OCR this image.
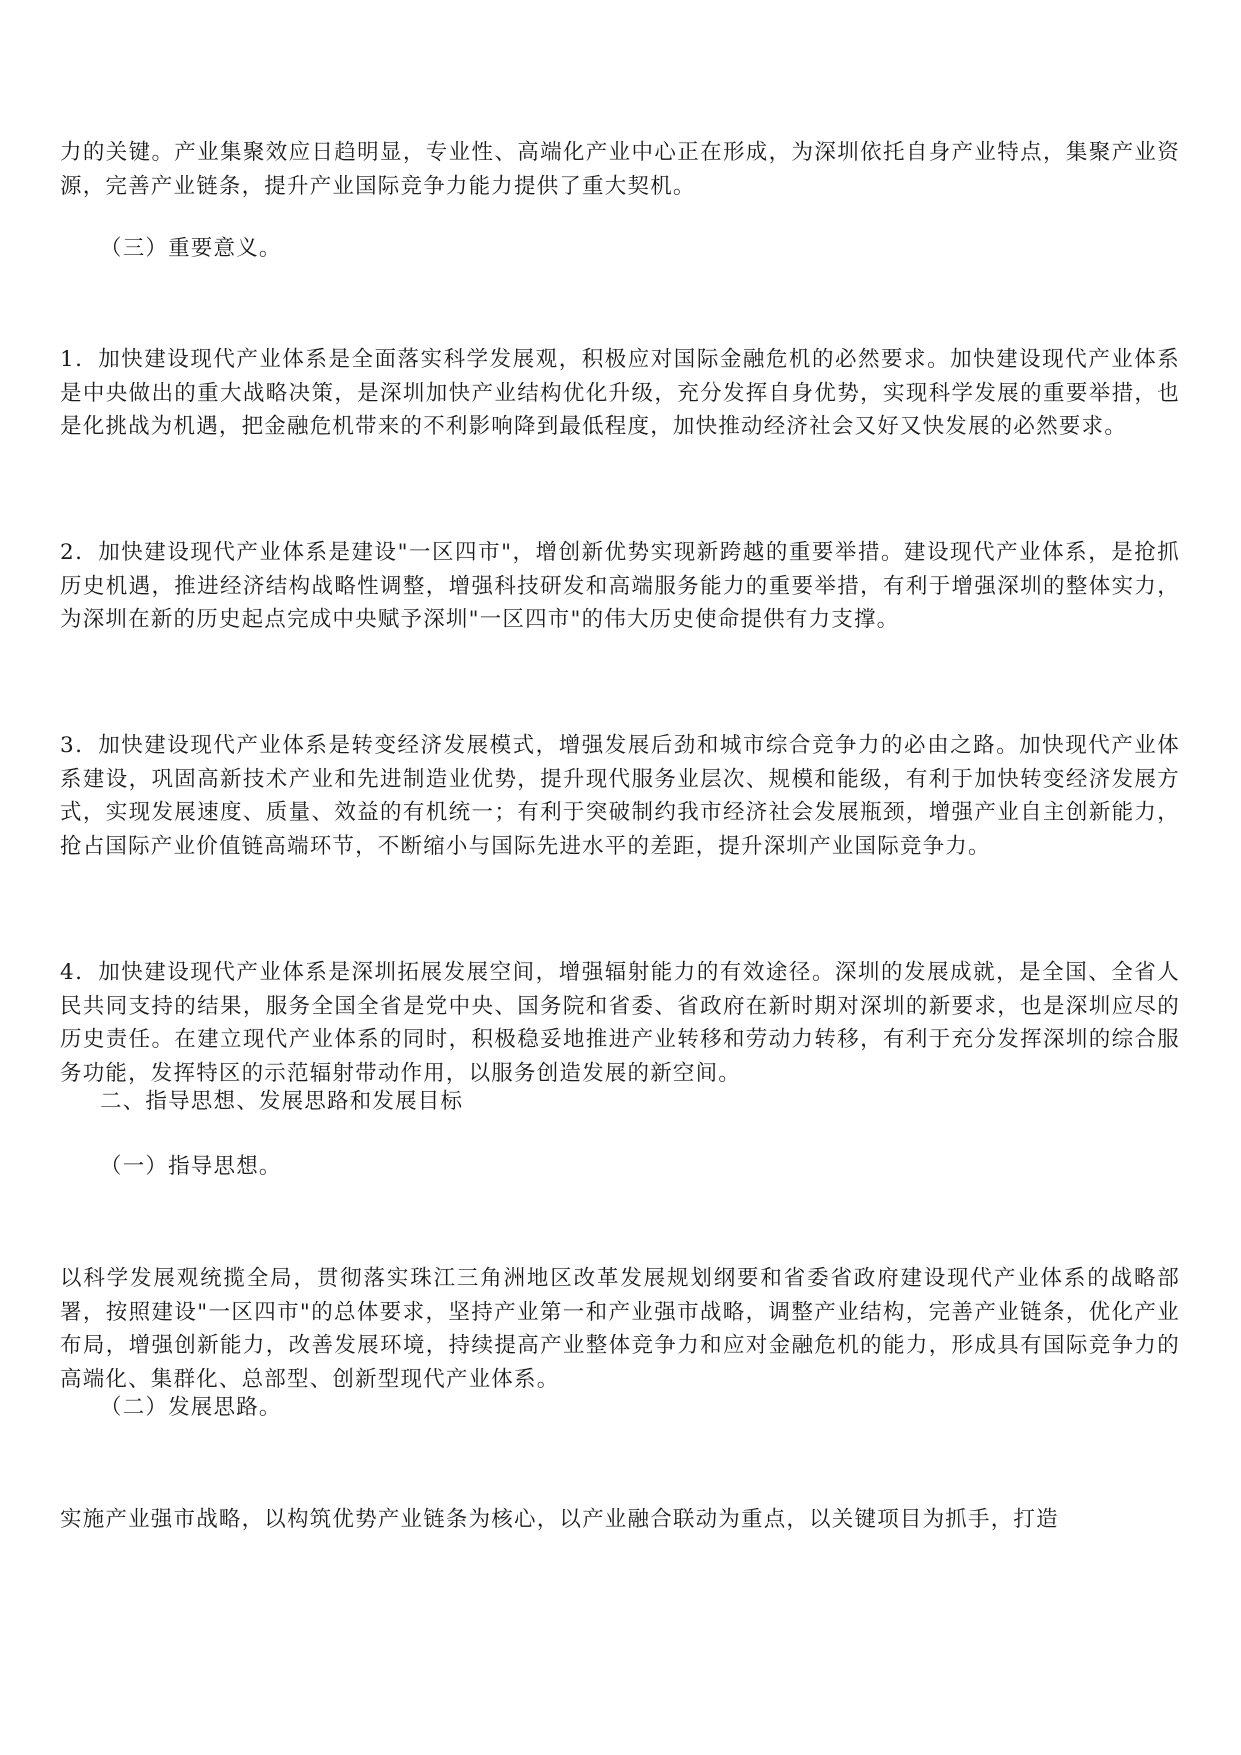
力的关键。产业集聚效应日趋明显，专业性、高端化产业中心正在形成，为深圳依托自身产业特点，集聚产业资源，完善产业链条，提升产业国际竞争力能力提供了重大契机。

（三）重要意义。

1．加快建设现代产业体系是全面落实科学发展观，积极应对国际金融危机的必然要求。加快建设现代产业体系是中央做出的重大战略决策，是深圳加快产业结构优化升级，充分发挥自身优势，实现科学发展的重要举措，也是化挑战为机遇，把金融危机带来的不利影响降到最低程度，加快推动经济社会又好又快发展的必然要求。

2．加快建设现代产业体系是建设"一区四市"，增创新优势实现新跨越的重要举措。建设现代产业体系，是抢抓历史机遇，推进经济结构战略性调整，增强科技研发和高端服务能力的重要举措，有利于增强深圳的整体实力，为深圳在新的历史起点完成中央赋予深圳"一区四市"的伟大历史使命提供有力支撑。

3．加快建设现代产业体系是转变经济发展模式，增强发展后劲和城市综合竞争力的必由之路。加快现代产业体系建设，巩固高新技术产业和先进制造业优势，提升现代服务业层次、规模和能级，有利于加快转变经济发展方式，实现发展速度、质量、效益的有机统一；有利于突破制约我市经济社会发展瓶颈，增强产业自主创新能力，抢占国际产业价值链高端环节，不断缩小与国际先进水平的差距，提升深圳产业国际竞争力。

4．加快建设现代产业体系是深圳拓展发展空间，增强辐射能力的有效途径。深圳的发展成就，是全国、全省人民共同支持的结果，服务全国全省是党中央、国务院和省委、省政府在新时期对深圳的新要求，也是深圳应尽的历史责任。在建立现代产业体系的同时，积极稳妥地推进产业转移和劳动力转移，有利于充分发挥深圳的综合服务功能，发挥特区的示范辐射带动作用，以服务创造发展的新空间。

二、指导思想、发展思路和发展目标

（一）指导思想。

以科学发展观统揽全局，贯彻落实珠江三角洲地区改革发展规划纲要和省委省政府建设现代产业体系的战略部署，按照建设"一区四市"的总体要求，坚持产业第一和产业强市战略，调整产业结构，完善产业链条，优化产业布局，增强创新能力，改善发展环境，持续提高产业整体竞争力和应对金融危机的能力，形成具有国际竞争力的高端化、集群化、总部型、创新型现代产业体系。

（二）发展思路。

实施产业强市战略，以构筑优势产业链条为核心，以产业融合联动为重点，以关键项目为抓手，打造
